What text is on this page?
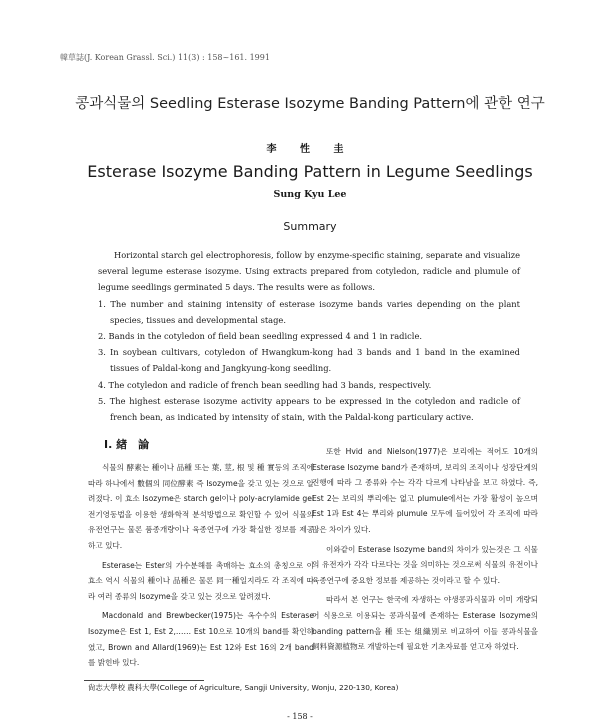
韓草誌(J. Korean Grassl. Sci.) 11(3) : 158~161. 1991
콩과식물의 Seedling Esterase Isozyme Banding Pattern에 관한 연구
李 性 圭
Esterase Isozyme Banding Pattern in Legume Seedlings
Sung Kyu Lee
Summary

Horizontal starch gel electrophoresis, follow by enzyme-specific staining, separate and visualize several legume esterase isozyme. Using extracts prepared from cotyledon, radicle and plumule of legume seedlings germinated 5 days. The results were as follows.

1. The number and staining intensity of esterase isozyme bands varies depending on the plant species, tissues and developmental stage.

2. Bands in the cotyledon of field bean seedling expressed 4 and 1 in radicle.

3. In soybean cultivars, cotyledon of Hwangkum-kong had 3 bands and 1 band in the examined tissues of Paldal-kong and Jangkyung-kong seedling.

4. The cotyledon and radicle of french bean seedling had 3 bands, respectively.

5. The highest esterase isozyme activity appears to be expressed in the cotyledon and radicle of french bean, as indicated by intensity of stain, with the Paldal-kong particulary active.

Ⅰ. 緖　論

식물의 酵素는 種이나 品種 또는 葉, 莖, 根 및 種 實등의 조직에 따라 하나에서 數個의 同位酵素 즉 Isozyme을 갖고 있는 것으로 알려졌다. 이 효소 Isozyme은 starch gel이나 poly-acrylamide gel 전기영동법을 이용한 생화학적 분석방법으로 확인할 수 있어 식물의 유전연구는 물론 품종개량이나 육종연구에 가장 확실한 정보를 제공하고 있다.

Esterase는 Ester의 가수분해를 촉매하는 효소의 총칭으로 이 효소 역시 식물의 種이나 品種은 물론 同一種일지라도 각 조직에 따라 여러 종류의 Isozyme을 갖고 있는 것으로 알려졌다.

Macdonald and Brewbecker(1975)는 옥수수의 Esterase Isozyme은 Est 1, Est 2,…… Est 10으로 10개의 band를 확인하였고, Brown and Allard(1969)는 Est 12와 Est 16의 2개 band를 밝힌바 있다.

또한 Hvid and Nielson(1977)은 보리에는 적어도 10개의 Esterase Isozyme band가 존재하며, 보리의 조직이나 성장단계의 진행에 따라 그 종류와 수는 각각 다르게 나타남을 보고 하였다. 즉, Est 2는 보리의 뿌리에는 없고 plumule에서는 가장 활성이 높으며 Est 1과 Est 4는 뿌리와 plumule 모두에 들어있어 각 조직에 따라 많은 차이가 있다.

이와같이 Esterase Isozyme band의 차이가 있는것은 그 식물의 유전자가 각각 다르다는 것을 의미하는 것으로써 식물의 유전이나 육종연구에 중요한 정보를 제공하는 것이라고 할 수 있다.

따라서 본 연구는 한국에 자생하는 야생콩과식물과 이미 개량되어 식용으로 이용되는 콩과식물에 존재하는 Esterase Isozyme의 banding pattern을 種 또는 組織別로 비교하여 이들 콩과식물을 飼料資源植物로 개발하는데 필요한 기초자료를 얻고자 하였다.

尙志大學校 農科大學(College of Agriculture, Sangji University, Wonju, 220-130, Korea)
- 158 -
